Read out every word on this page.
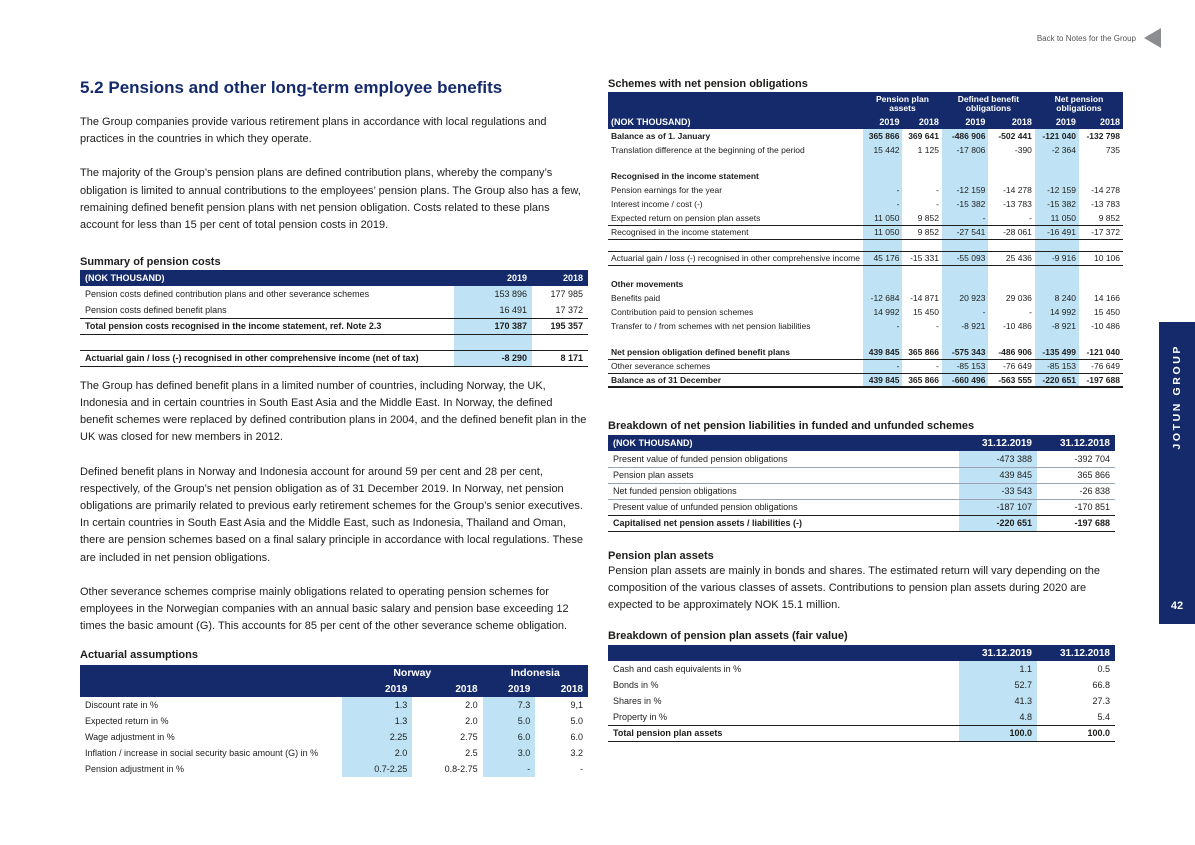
Back to Notes for the Group
JOTUN GROUP
42
5.2 Pensions and other long-term employee benefits

The Group companies provide various retirement plans in accordance with local regulations and practices in the countries in which they operate.

The majority of the Group’s pension plans are defined contribution plans, whereby the company’s obligation is limited to annual contributions to the employees’ pension plans. The Group also has a few, remaining defined benefit pension plans with net pension obligation. Costs related to these plans account for less than 15 per cent of total pension costs in 2019.

Summary of pension costs
(NOK THOUSAND)	2019	2018
Pension costs defined contribution plans and other severance schemes	153 896	177 985
Pension costs defined benefit plans	16 491	17 372
Total pension costs recognised in the income statement, ref. Note 2.3	170 387	195 357

Actuarial gain / loss (-) recognised in other comprehensive income (net of tax)	-8 290	8 171

The Group has defined benefit plans in a limited number of countries, including Norway, the UK, Indonesia and in certain countries in South East Asia and the Middle East. In Norway, the defined benefit schemes were replaced by defined contribution plans in 2004, and the defined benefit plan in the UK was closed for new members in 2012.

Defined benefit plans in Norway and Indonesia account for around 59 per cent and 28 per cent, respectively, of the Group’s net pension obligation as of 31 December 2019. In Norway, net pension obligations are primarily related to previous early retirement schemes for the Group’s senior executives. In certain countries in South East Asia and the Middle East, such as Indonesia, Thailand and Oman, there are pension schemes based on a final salary principle in accordance with local regulations. These are included in net pension obligations.

Other severance schemes comprise mainly obligations related to operating pension schemes for employees in the Norwegian companies with an annual basic salary and pension base exceeding 12 times the basic amount (G). This accounts for 85 per cent of the other severance scheme obligation.

Actuarial assumptions
	Norway		Indonesia	
	2019	2018	2019	2018
Discount rate in %	1.3	2.0	7.3	9,1
Expected return in %	1.3	2.0	5.0	5.0
Wage adjustment in %	2.25	2.75	6.0	6.0
Inflation / increase in social security basic amount (G) in %	2.0	2.5	3.0	3.2
Pension adjustment in %	0.7-2.25	0.8-2.75	-	-
Schemes with net pension obligations
	Pension plan assets		Defined benefit obligations		Net pension obligations	
(NOK THOUSAND)	2019	2018	2019	2018	2019	2018
Balance as of 1. January	365 866	369 641	-486 906	-502 441	-121 040	-132 798
Translation difference at the beginning of the period	15 442	1 125	-17 806	-390	-2 364	735

Recognised in the income statement						
Pension earnings for the year	-	-	-12 159	-14 278	-12 159	-14 278
Interest income / cost (-)	-	-	-15 382	-13 783	-15 382	-13 783
Expected return on pension plan assets	11 050	9 852	-	-	11 050	9 852
Recognised in the income statement	11 050	9 852	-27 541	-28 061	-16 491	-17 372

Actuarial gain / loss (-) recognised in other comprehensive income	45 176	-15 331	-55 093	25 436	-9 916	10 106

Other movements						
Benefits paid	-12 684	-14 871	20 923	29 036	8 240	14 166
Contribution paid to pension schemes	14 992	15 450	-	-	14 992	15 450
Transfer to / from schemes with net pension liabilities	-	-	-8 921	-10 486	-8 921	-10 486

Net pension obligation defined benefit plans	439 845	365 866	-575 343	-486 906	-135 499	-121 040
Other severance schemes	-	-	-85 153	-76 649	-85 153	-76 649
Balance as of 31 December	439 845	365 866	-660 496	-563 555	-220 651	-197 688
Breakdown of net pension liabilities in funded and unfunded schemes
(NOK THOUSAND)	31.12.2019	31.12.2018
Present value of funded pension obligations	-473 388	-392 704
Pension plan assets	439 845	365 866
Net funded pension obligations	-33 543	-26 838
Present value of unfunded pension obligations	-187 107	-170 851
Capitalised net pension assets / liabilities (-)	-220 651	-197 688
Pension plan assets

Pension plan assets are mainly in bonds and shares. The estimated return will vary depending on the composition of the various classes of assets. Contributions to pension plan assets during 2020 are expected to be approximately NOK 15.1 million.

Breakdown of pension plan assets (fair value)
	31.12.2019	31.12.2018
Cash and cash equivalents in %	1.1	0.5
Bonds in %	52.7	66.8
Shares in %	41.3	27.3
Property in %	4.8	5.4
Total pension plan assets	100.0	100.0
